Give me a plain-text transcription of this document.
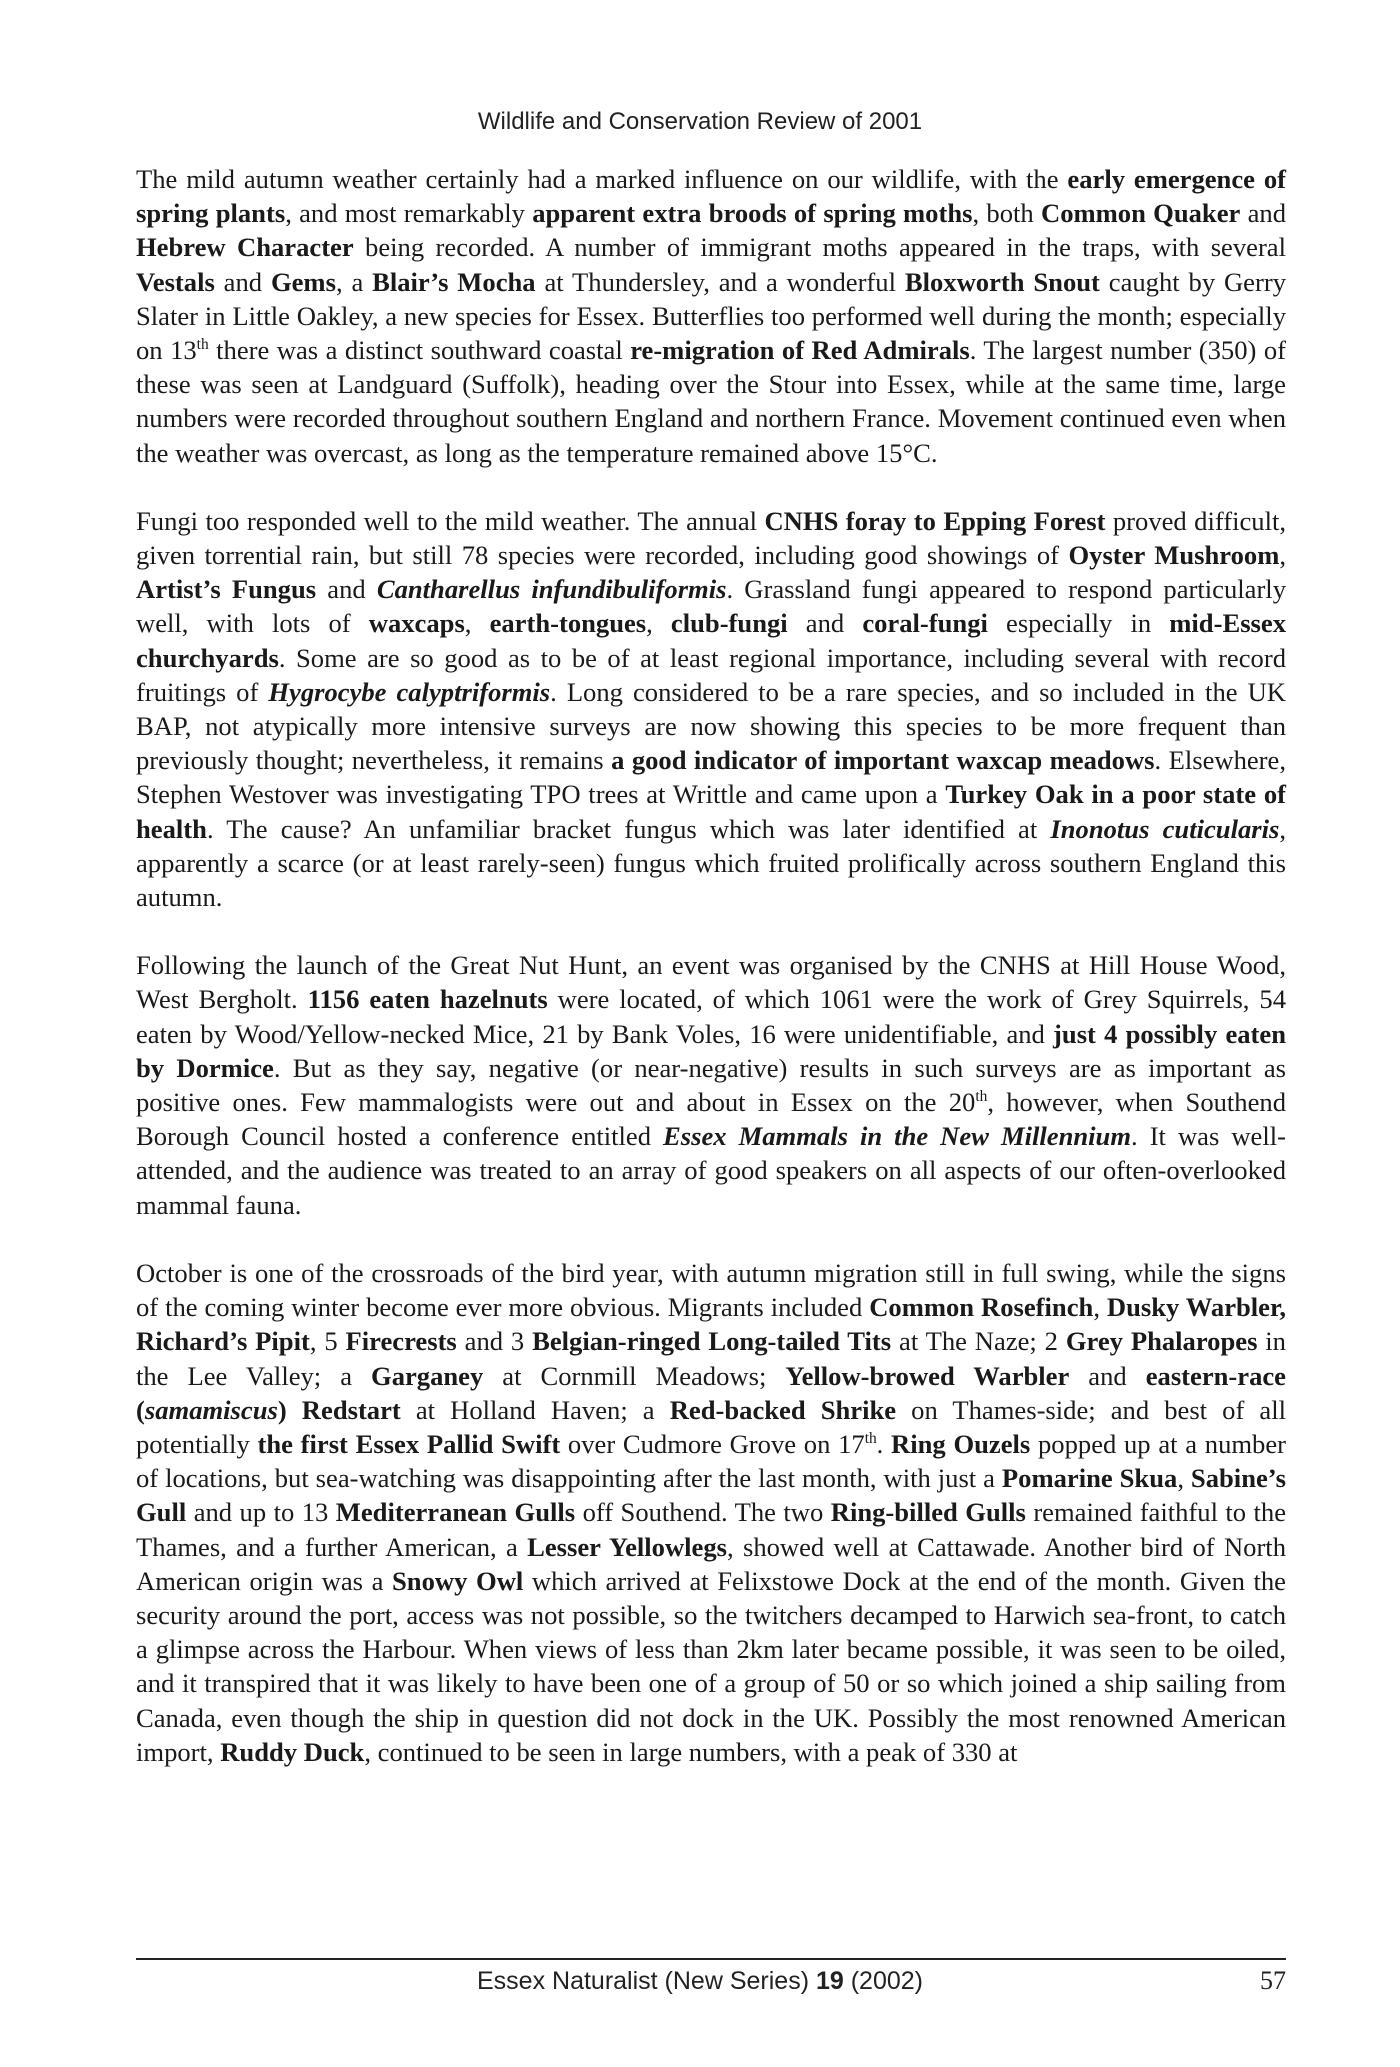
Wildlife and Conservation Review of 2001

The mild autumn weather certainly had a marked influence on our wildlife, with the early emergence of spring plants, and most remarkably apparent extra broods of spring moths, both Common Quaker and Hebrew Character being recorded. A number of immigrant moths appeared in the traps, with several Vestals and Gems, a Blair’s Mocha at Thundersley, and a wonderful Bloxworth Snout caught by Gerry Slater in Little Oakley, a new species for Essex. Butterflies too performed well during the month; especially on 13th there was a distinct southward coastal re-migration of Red Admirals. The largest number (350) of these was seen at Landguard (Suffolk), heading over the Stour into Essex, while at the same time, large numbers were recorded throughout southern England and northern France. Movement continued even when the weather was overcast, as long as the temperature remained above 15°C.

Fungi too responded well to the mild weather. The annual CNHS foray to Epping Forest proved difficult, given torrential rain, but still 78 species were recorded, including good showings of Oyster Mushroom, Artist’s Fungus and Cantharellus infundibuliformis. Grassland fungi appeared to respond particularly well, with lots of waxcaps, earth-tongues, club-fungi and coral-fungi especially in mid-Essex churchyards. Some are so good as to be of at least regional importance, including several with record fruitings of Hygrocybe calyptriformis. Long considered to be a rare species, and so included in the UK BAP, not atypically more intensive surveys are now showing this species to be more frequent than previously thought; nevertheless, it remains a good indicator of important waxcap meadows. Elsewhere, Stephen Westover was investigating TPO trees at Writtle and came upon a Turkey Oak in a poor state of health. The cause? An unfamiliar bracket fungus which was later identified at Inonotus cuticularis, apparently a scarce (or at least rarely-seen) fungus which fruited prolifically across southern England this autumn.

Following the launch of the Great Nut Hunt, an event was organised by the CNHS at Hill House Wood, West Bergholt. 1156 eaten hazelnuts were located, of which 1061 were the work of Grey Squirrels, 54 eaten by Wood/Yellow-necked Mice, 21 by Bank Voles, 16 were unidentifiable, and just 4 possibly eaten by Dormice. But as they say, negative (or near-negative) results in such surveys are as important as positive ones. Few mammalogists were out and about in Essex on the 20th, however, when Southend Borough Council hosted a conference entitled Essex Mammals in the New Millennium. It was well-attended, and the audience was treated to an array of good speakers on all aspects of our often-overlooked mammal fauna.

October is one of the crossroads of the bird year, with autumn migration still in full swing, while the signs of the coming winter become ever more obvious. Migrants included Common Rosefinch, Dusky Warbler, Richard’s Pipit, 5 Firecrests and 3 Belgian-ringed Long-tailed Tits at The Naze; 2 Grey Phalaropes in the Lee Valley; a Garganey at Cornmill Meadows; Yellow-browed Warbler and eastern-race (samamiscus) Redstart at Holland Haven; a Red-backed Shrike on Thames-side; and best of all potentially the first Essex Pallid Swift over Cudmore Grove on 17th. Ring Ouzels popped up at a number of locations, but sea-watching was disappointing after the last month, with just a Pomarine Skua, Sabine’s Gull and up to 13 Mediterranean Gulls off Southend. The two Ring-billed Gulls remained faithful to the Thames, and a further American, a Lesser Yellowlegs, showed well at Cattawade. Another bird of North American origin was a Snowy Owl which arrived at Felixstowe Dock at the end of the month. Given the security around the port, access was not possible, so the twitchers decamped to Harwich sea-front, to catch a glimpse across the Harbour. When views of less than 2km later became possible, it was seen to be oiled, and it transpired that it was likely to have been one of a group of 50 or so which joined a ship sailing from Canada, even though the ship in question did not dock in the UK. Possibly the most renowned American import, Ruddy Duck, continued to be seen in large numbers, with a peak of 330 at

Essex Naturalist (New Series) 19 (2002)	57
